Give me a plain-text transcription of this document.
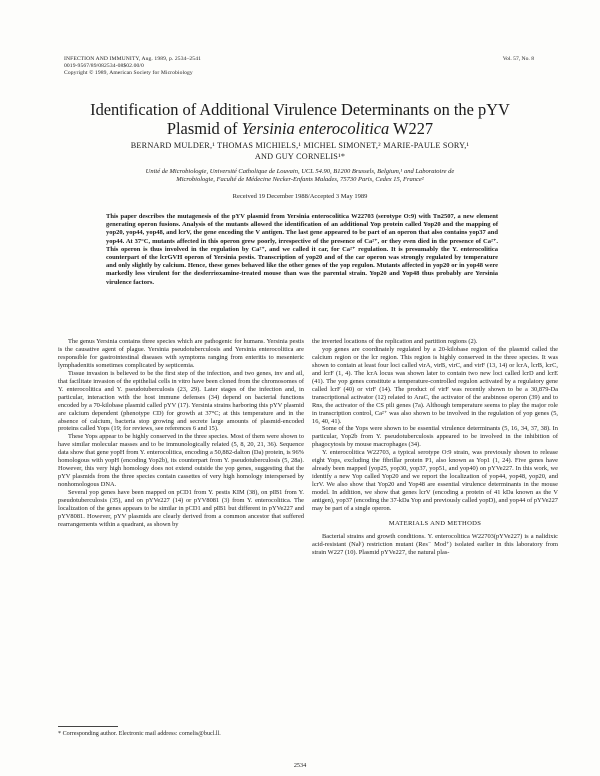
INFECTION AND IMMUNITY, Aug. 1989, p. 2534–2541
0019-9567/89/082534-08$02.00/0
Copyright © 1989, American Society for Microbiology
Vol. 57, No. 8
Identification of Additional Virulence Determinants on the pYV
Plasmid of Yersinia enterocolitica W227
BERNARD MULDER,¹ THOMAS MICHIELS,¹ MICHEL SIMONET,² MARIE-PAULE SORY,¹
AND GUY CORNELIS¹*
Unité de Microbiologie, Université Catholique de Louvain, UCL 54.90, B1200 Brussels, Belgium,¹ and Laboratoire de
Microbiologie, Faculté de Médecine Necker-Enfants Malades, 75730 Paris, Cedex 15, France²
Received 19 December 1988/Accepted 3 May 1989
This paper describes the mutagenesis of the pYV plasmid from Yersinia enterocolitica W22703 (serotype O:9) with Tn2507, a new element generating operon fusions. Analysis of the mutants allowed the identification of an additional Yop protein called Yop20 and the mapping of yop20, yop44, yop48, and lcrV, the gene encoding the V antigen. The last gene appeared to be part of an operon that also contains yop37 and yop44. At 37°C, mutants affected in this operon grew poorly, irrespective of the presence of Ca²⁺, or they even died in the presence of Ca²⁺. This operon is thus involved in the regulation by Ca²⁺, and we called it car, for Ca²⁺ regulation. It is presumably the Y. enterocolitica counterpart of the lcrGVH operon of Yersinia pestis. Transcription of yop20 and of the car operon was strongly regulated by temperature and only slightly by calcium. Hence, these genes behaved like the other genes of the yop regulon. Mutants affected in yop20 or in yop48 were markedly less virulent for the desferrioxamine-treated mouse than was the parental strain. Yop20 and Yop48 thus probably are Yersinia virulence factors.

The genus Yersinia contains three species which are pathogenic for humans. Yersinia pestis is the causative agent of plague. Yersinia pseudotuberculosis and Yersinia enterocolitica are responsible for gastrointestinal diseases with symptoms ranging from enteritis to mesenteric lymphadenitis sometimes complicated by septicemia.

Tissue invasion is believed to be the first step of the infection, and two genes, inv and ail, that facilitate invasion of the epithelial cells in vitro have been cloned from the chromosomes of Y. enterocolitica and Y. pseudotuberculosis (23, 29). Later stages of the infection and, in particular, interaction with the host immune defenses (34) depend on bacterial functions encoded by a 70-kilobase plasmid called pYV (17). Yersinia strains harboring this pYV plasmid are calcium dependent (phenotype CD) for growth at 37°C; at this temperature and in the absence of calcium, bacteria stop growing and secrete large amounts of plasmid-encoded proteins called Yops (19; for reviews, see references 6 and 15).

These Yops appear to be highly conserved in the three species. Most of them were shown to have similar molecular masses and to be immunologically related (5, 8, 20, 21, 36). Sequence data show that gene yopH from Y. enterocolitica, encoding a 50,882-dalton (Da) protein, is 96% homologous with yopH (encoding Yop2b), its counterpart from Y. pseudotuberculosis (5, 28a). However, this very high homology does not extend outside the yop genes, suggesting that the pYV plasmids from the three species contain cassettes of very high homology interspersed by nonhomologous DNA.

Several yop genes have been mapped on pCD1 from Y. pestis KIM (38), on pIB1 from Y. pseudotuberculosis (35), and on pYVe227 (14) or pYV8081 (3) from Y. enterocolitica. The localization of the genes appears to be similar in pCD1 and pIB1 but different in pYVe227 and pYV8081. However, pYV plasmids are clearly derived from a common ancestor that suffered rearrangements within a quadrant, as shown by

the inverted locations of the replication and partition regions (2).

yop genes are coordinately regulated by a 20-kilobase region of the plasmid called the calcium region or the lcr region. This region is highly conserved in the three species. It was shown to contain at least four loci called virA, virB, virC, and virF (13, 14) or lcrA, lcrB, lcrC, and lcrF (1, 4). The lcrA locus was shown later to contain two new loci called lcrD and lcrE (41). The yop genes constitute a temperature-controlled regulon activated by a regulatory gene called lcrF (40) or virF (14). The product of virF was recently shown to be a 30,879-Da transcriptional activator (12) related to AraC, the activator of the arabinose operon (39) and to Rns, the activator of the CS pili genes (7a). Although temperature seems to play the major role in transcription control, Ca²⁺ was also shown to be involved in the regulation of yop genes (5, 16, 40, 41).

Some of the Yops were shown to be essential virulence determinants (5, 16, 34, 37, 38). In particular, Yop2b from Y. pseudotuberculosis appeared to be involved in the inhibition of phagocytosis by mouse macrophages (34).

Y. enterocolitica W22703, a typical serotype O:9 strain, was previously shown to release eight Yops, excluding the fibrillar protein P1, also known as Yop1 (1, 24). Five genes have already been mapped (yop25, yop30, yop37, yop51, and yop40) on pYVe227. In this work, we identify a new Yop called Yop20 and we report the localization of yop44, yop48, yop20, and lcrV. We also show that Yop20 and Yop48 are essential virulence determinants in the mouse model. In addition, we show that genes lcrV (encoding a protein of 41 kDa known as the V antigen), yop37 (encoding the 37-kDa Yop and previously called yopD), and yop44 of pYVe227 may be part of a single operon.

MATERIALS AND METHODS

Bacterial strains and growth conditions. Y. enterocolitica W22703(pYVe227) is a nalidixic acid-resistant (Nalʳ) restriction mutant (Res⁻ Mod⁺) isolated earlier in this laboratory from strain W227 (10). Plasmid pYVe227, the natural plas-

* Corresponding author. Electronic mail address: cornelis@bucl.ll.
2534
